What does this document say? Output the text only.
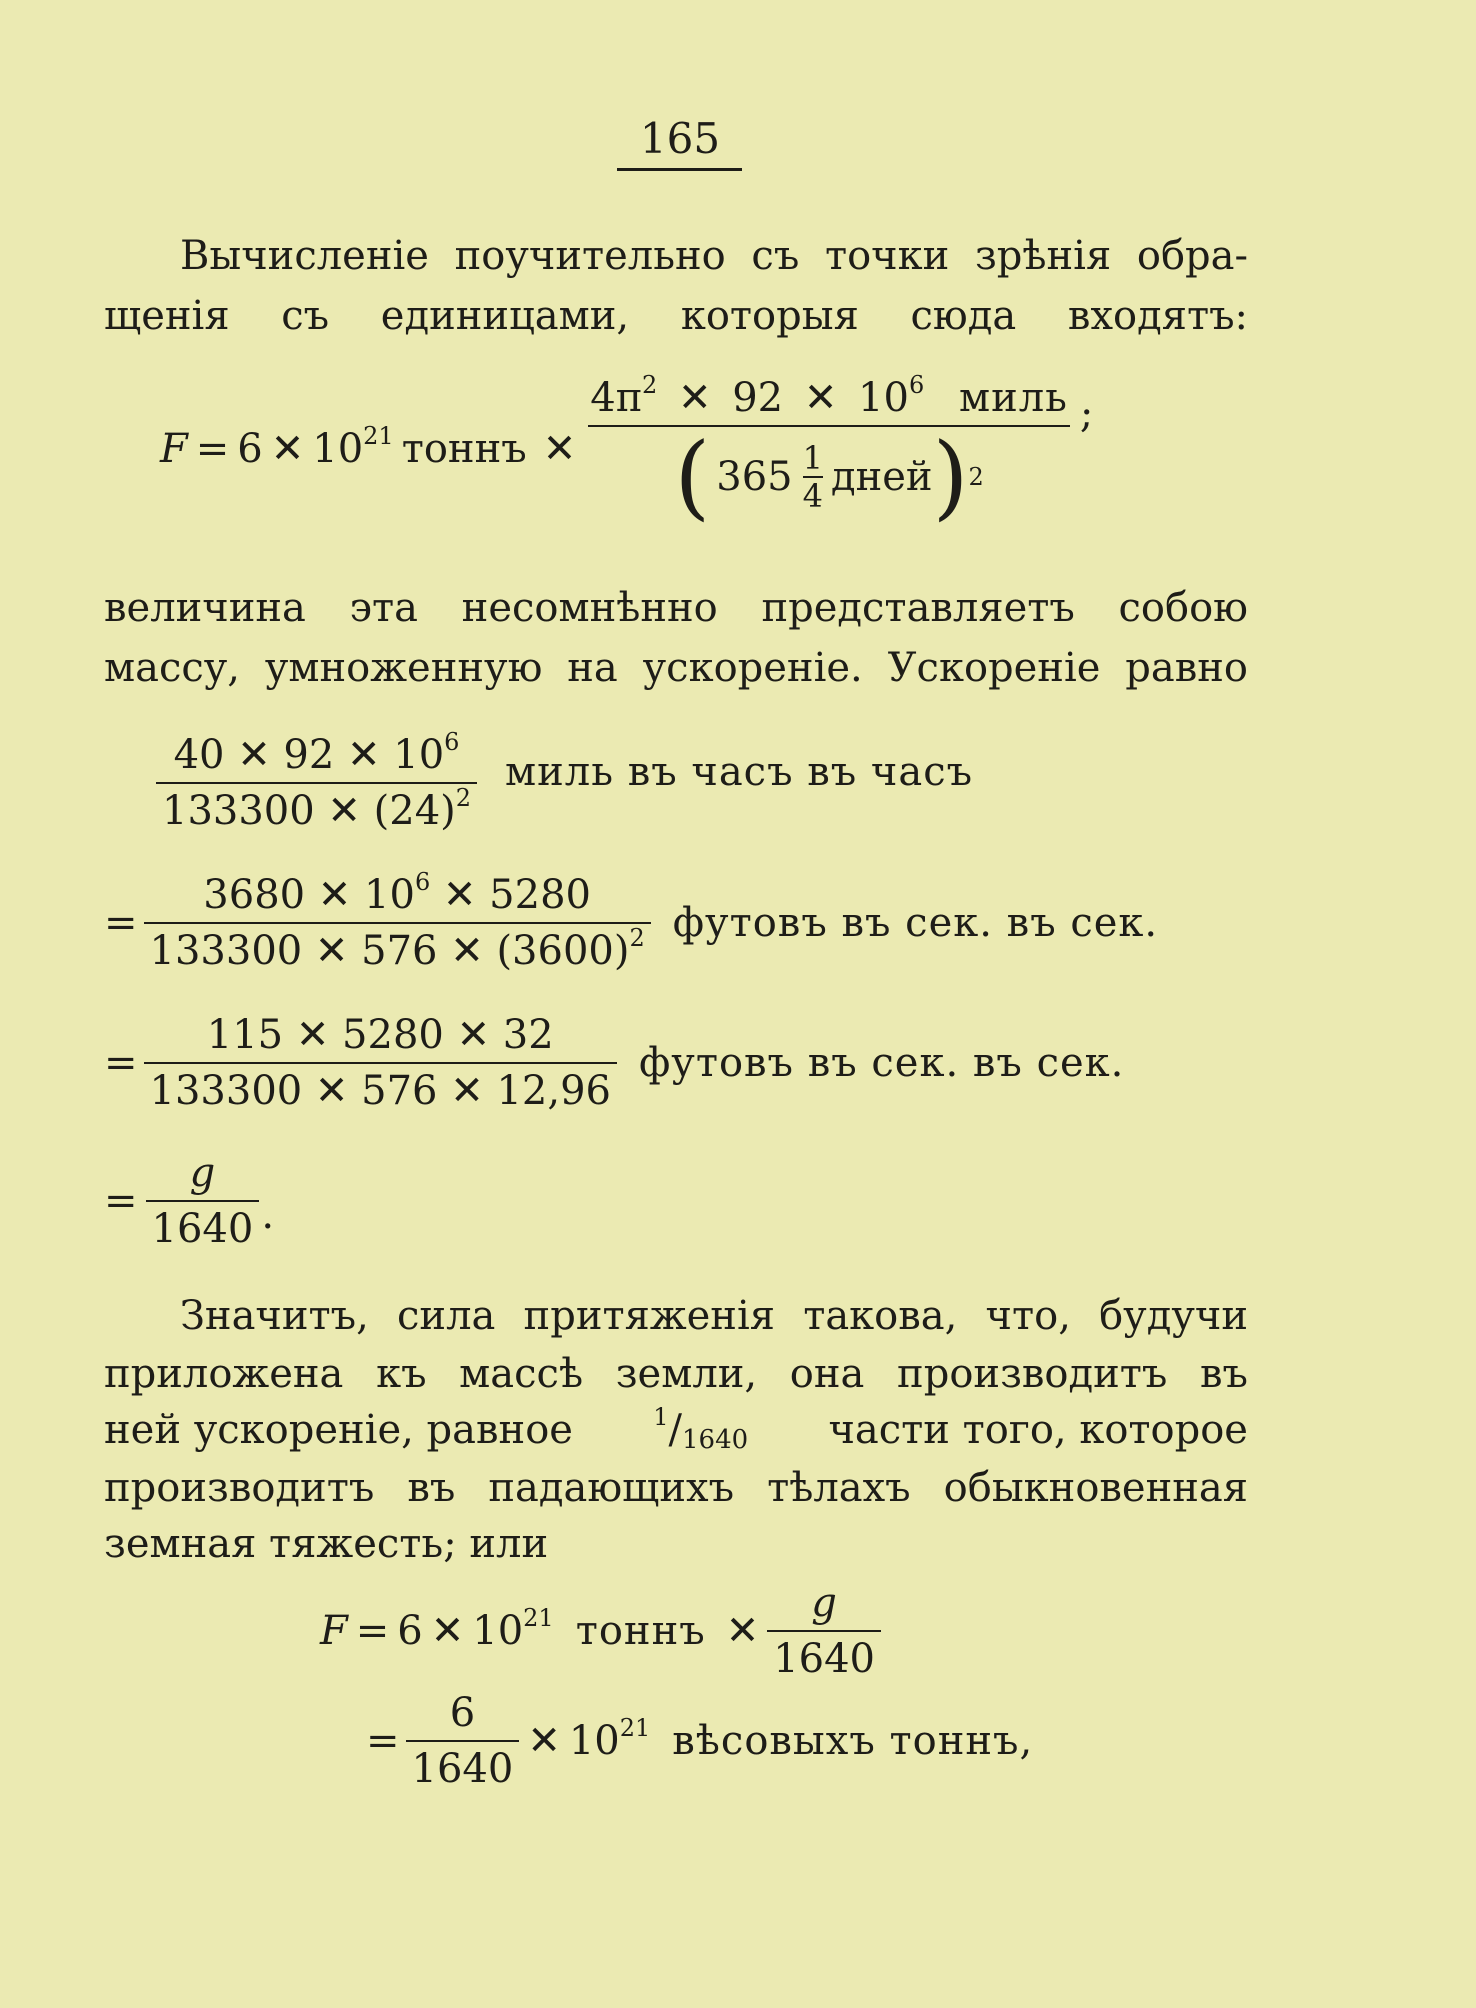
165
Вычисленіе поучительно съ точки зрѣнія обра-
щенія съ единицами, которыя сюда входятъ:
F = 6 ✕ $10^{21}$ тоннъ ✕
$4\pi^2$ ✕ 92 ✕ $10^6$ миль
( $365 \frac{1}{4}$ дней ) 2
;
величина эта несомнѣнно представляетъ собою
массу, умноженную на ускореніе. Ускореніе равно
$\frac{40 ✕ 92 ✕ 10^6}{133300 ✕ (24)^2}$ миль въ часъ въ часъ
= $\frac{3680 ✕ 10^6 ✕ 5280}{133300 ✕ 576 ✕ (3600)^2}$ футовъ въ сек. въ сек.
= $\frac{115 ✕ 5280 ✕ 32}{133300 ✕ 576 ✕ 12,96}$ футовъ въ сек. въ сек.
= $\frac{g}{1640}$ .
Значитъ, сила притяженія такова, что, будучи
приложена къ массѣ земли, она производитъ въ
ней ускореніе, равное	$^1$/1640 части того, которое
производитъ въ падающихъ тѣлахъ обыкновенная
земная тяжесть; или
F = 6 ✕ $10^{21}$ тоннъ ✕ $\frac{g}{1640}$
= $\frac{6}{1640}$ ✕ $10^{21}$ вѣсовыхъ тоннъ,
